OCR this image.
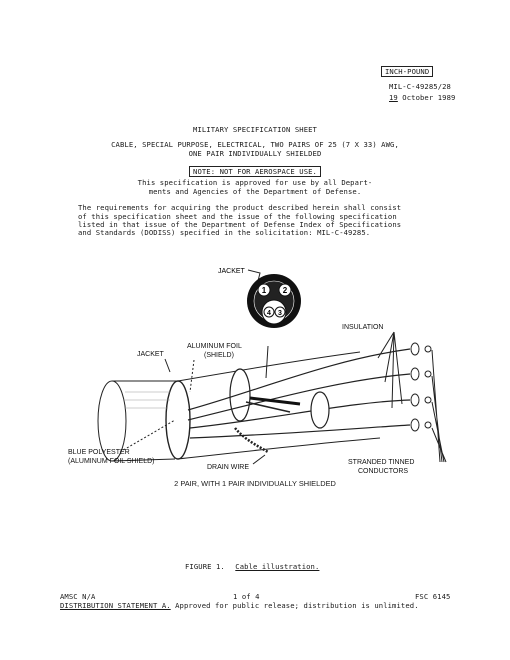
INCH-POUND
MIL-C-49285/28
19 October 1989
MILITARY SPECIFICATION SHEET
CABLE, SPECIAL PURPOSE, ELECTRICAL, TWO PAIRS OF 25 (7 X 33) AWG,
ONE PAIR INDIVIDUALLY SHIELDED
NOTE: NOT FOR AEROSPACE USE.
This specification is approved for use by all Depart-
ments and Agencies of the Department of Defense.
The requirements for acquiring the product described herein shall consist
of this specification sheet and the issue of the following specification
listed in that issue of the Department of Defense Index of Specifications
and Standards (DODISS) specified in the solicitation: MIL-C-49285.
JACKET
1 2
4 3
JACKET
ALUMINUM FOIL
(SHIELD)
INSULATION
BLUE POLYESTER
(ALUMINUM FOIL SHIELD)
DRAIN WIRE
STRANDED TINNED
CONDUCTORS
2 PAIR, WITH 1 PAIR INDIVIDUALLY SHIELDED
FIGURE 1. Cable illustration.
AMSC N/A	1 of 4	FSC 6145
DISTRIBUTION STATEMENT A. Approved for public release; distribution is unlimited.
